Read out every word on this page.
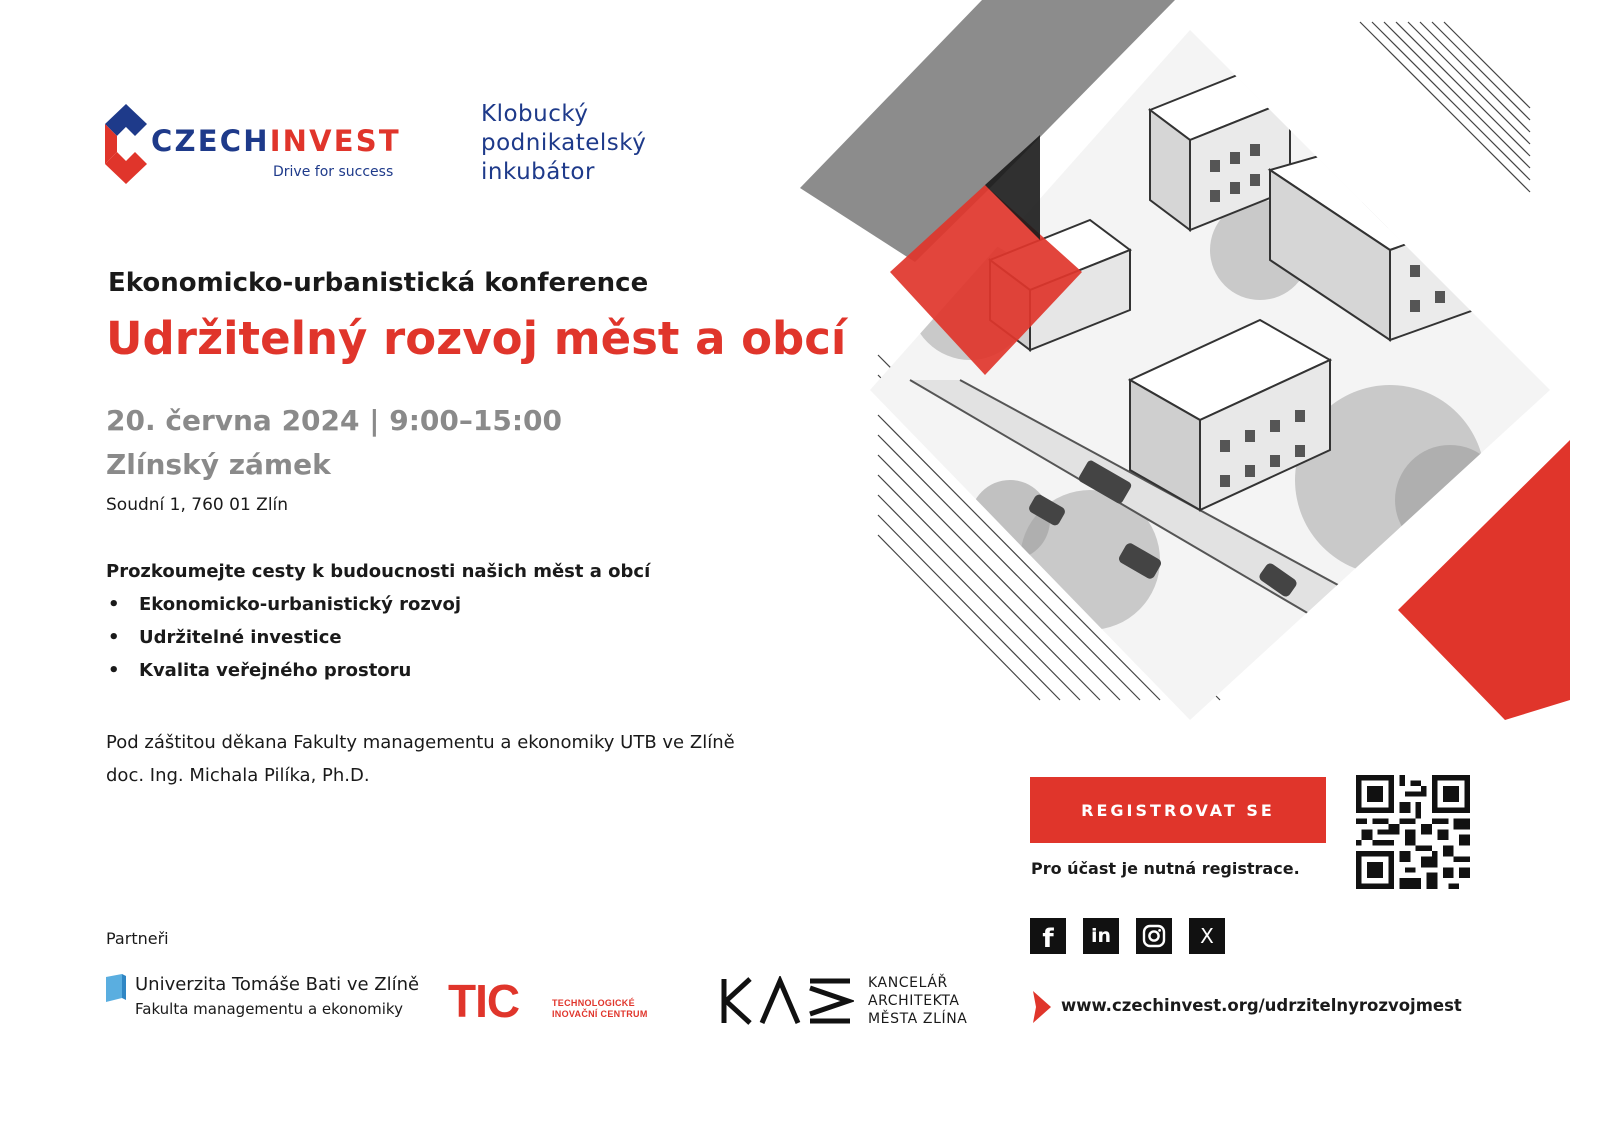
CZECHINVEST
Drive for success
Klobucký
podnikatelský
inkubátor
Ekonomicko-urbanistická konference
Udržitelný rozvoj měst a obcí
20. června 2024 | 9:00–15:00
Zlínský zámek
Soudní 1, 760 01 Zlín
Prozkoumejte cesty k budoucnosti našich měst a obcí
• Ekonomicko-urbanistický rozvoj
• Udržitelné investice
• Kvalita veřejného prostoru
Pod záštitou děkana Fakulty managementu a ekonomiky UTB ve Zlíně
doc. Ing. Michala Pilíka, Ph.D.
Partneři
Univerzita Tomáše Bati ve Zlíně
Fakulta managementu a ekonomiky TIC	TECHNOLOGICKÉ
INOVAČNÍ CENTRUM
KANCELÁŘ
ARCHITEKTA
MĚSTA ZLÍNA
REGISTROVAT SE
Pro účast je nutná registrace.
f in	X
www.czechinvest.org/udrzitelnyrozvojmest
